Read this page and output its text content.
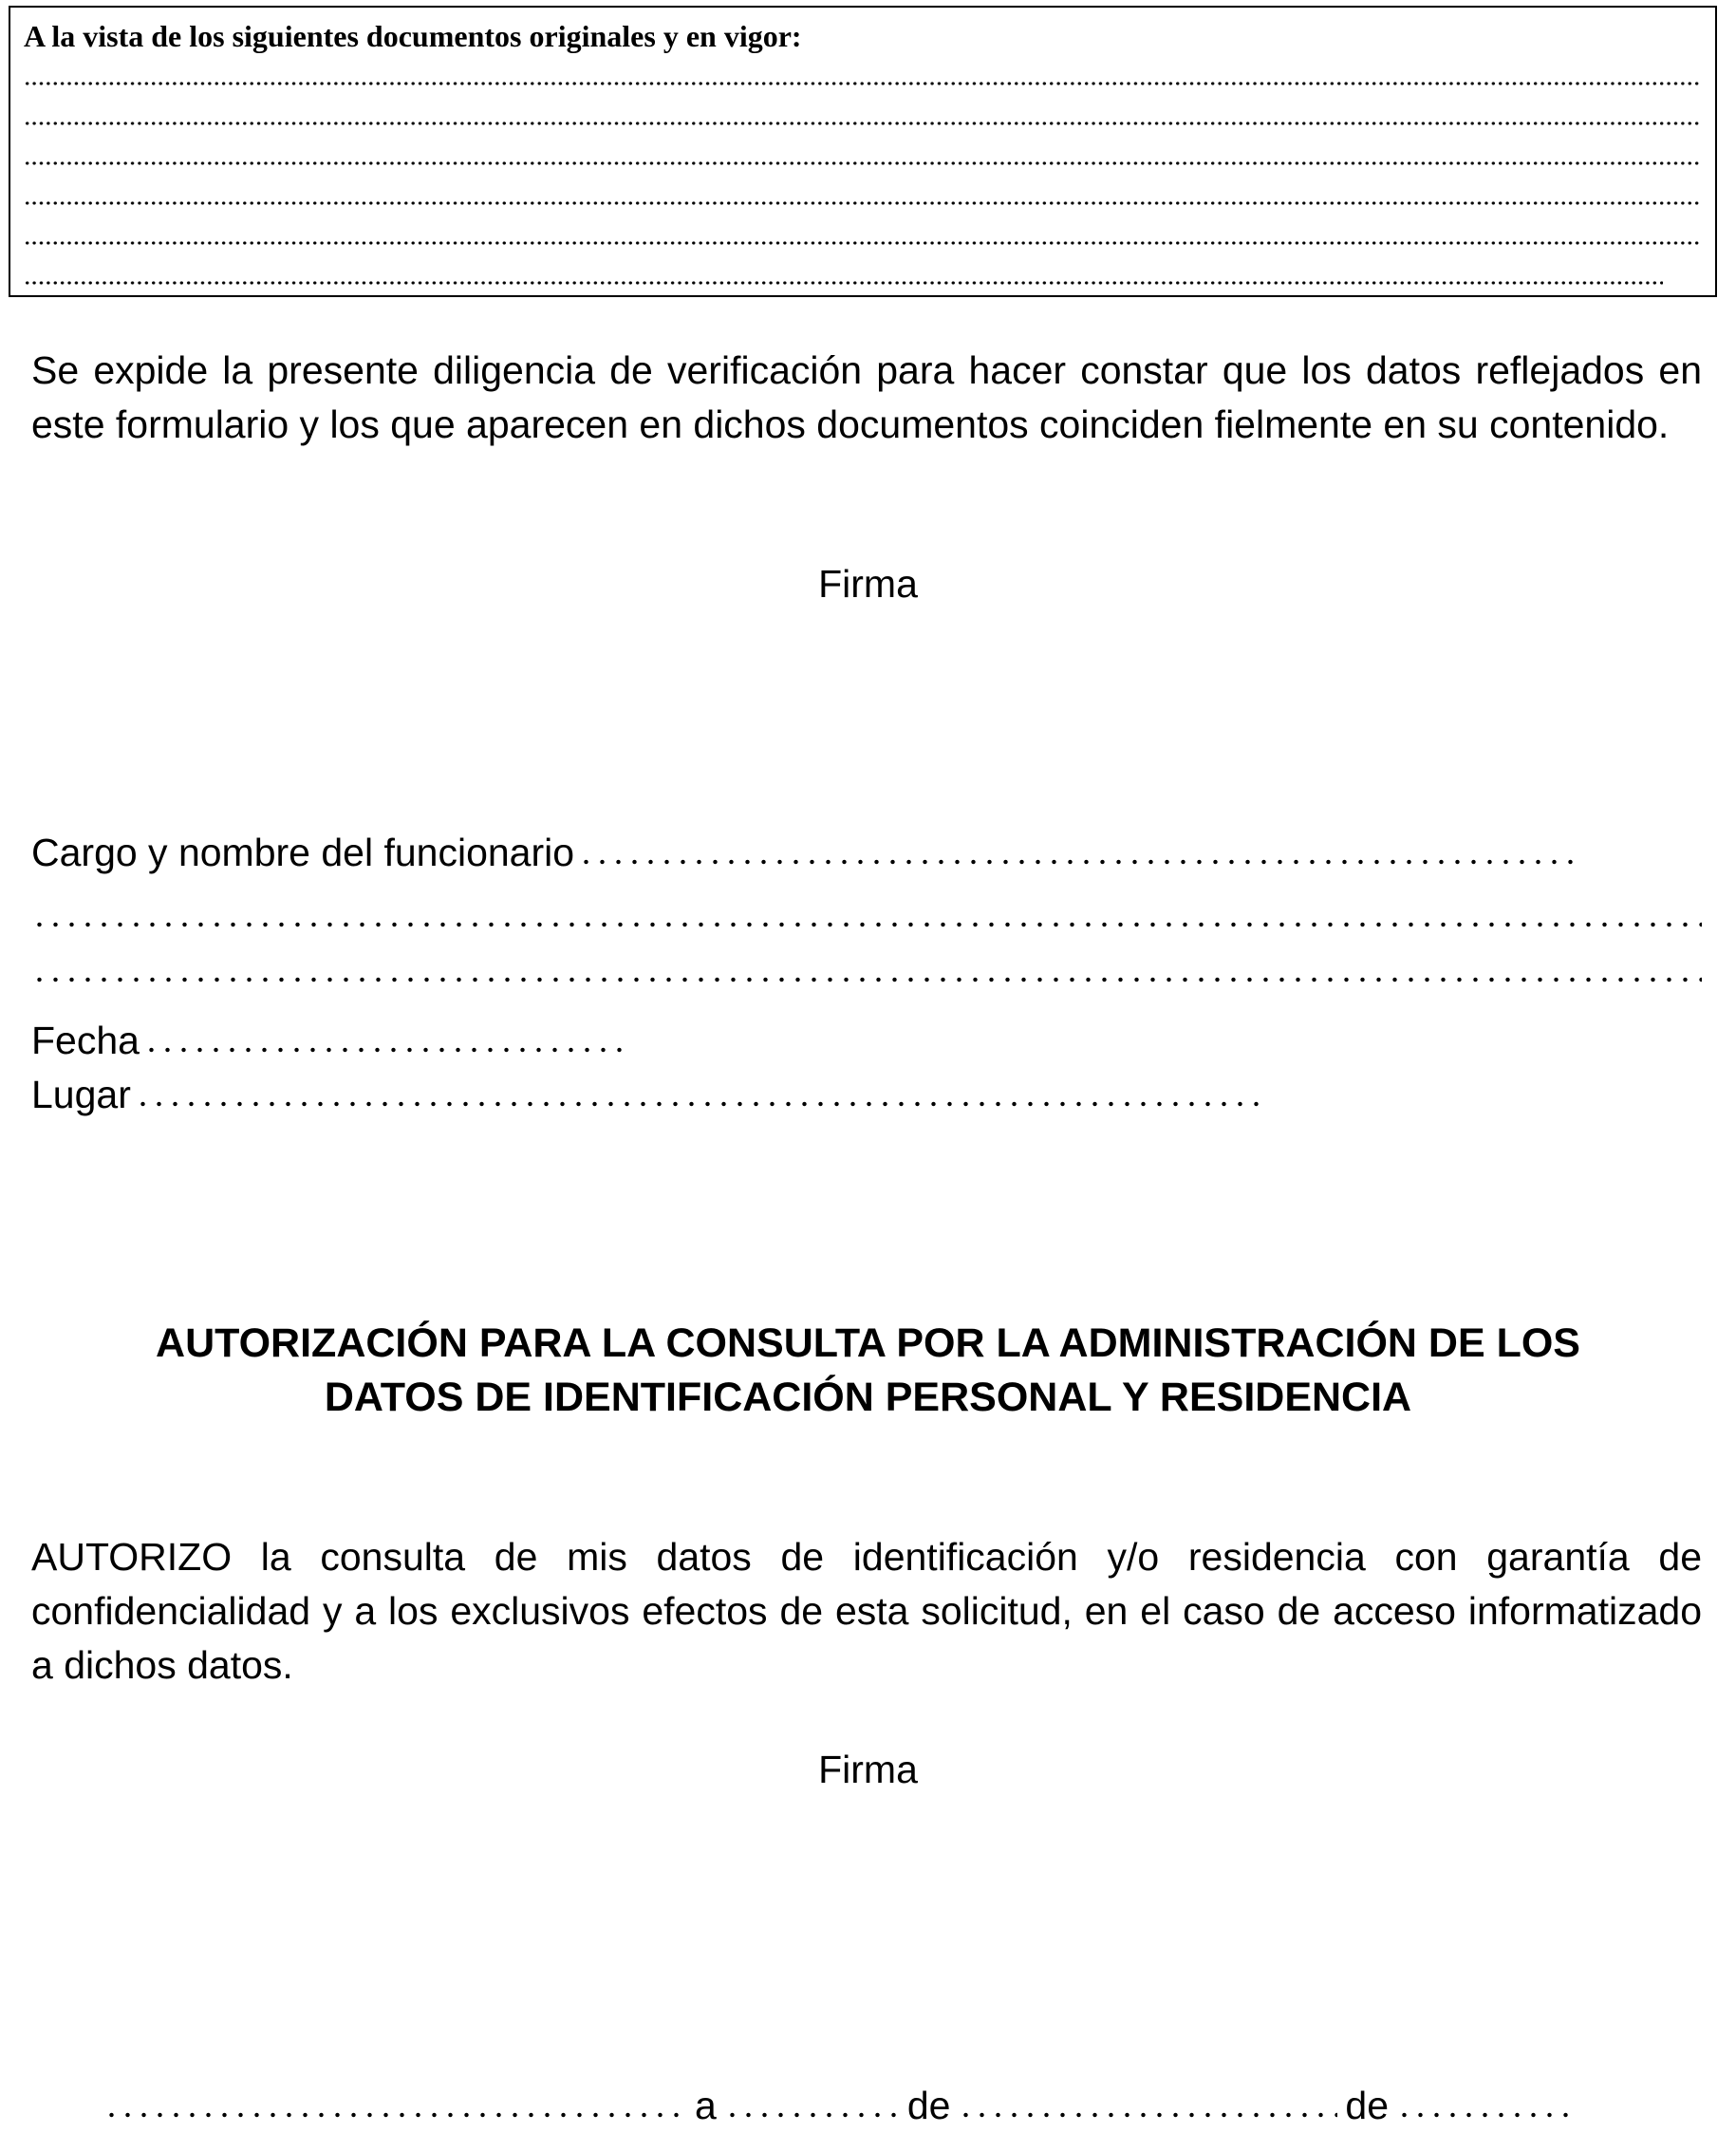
A la vista de los siguientes documentos originales y en vigor:

Se expide la presente diligencia de verificación para hacer constar que los datos reflejados en este formulario y los que aparecen en dichos documentos coinciden fielmente en su contenido.

Firma
Cargo y nombre del funcionario
Fecha
Lugar
AUTORIZACIÓN PARA LA CONSULTA POR LA ADMINISTRACIÓN DE LOS
DATOS DE IDENTIFICACIÓN PERSONAL Y RESIDENCIA

AUTORIZO la consulta de mis datos de identificación y/o residencia con garantía de confidencialidad y a los exclusivos efectos de esta solicitud, en el caso de acceso informatizado a dichos datos.

Firma
a	de	de
